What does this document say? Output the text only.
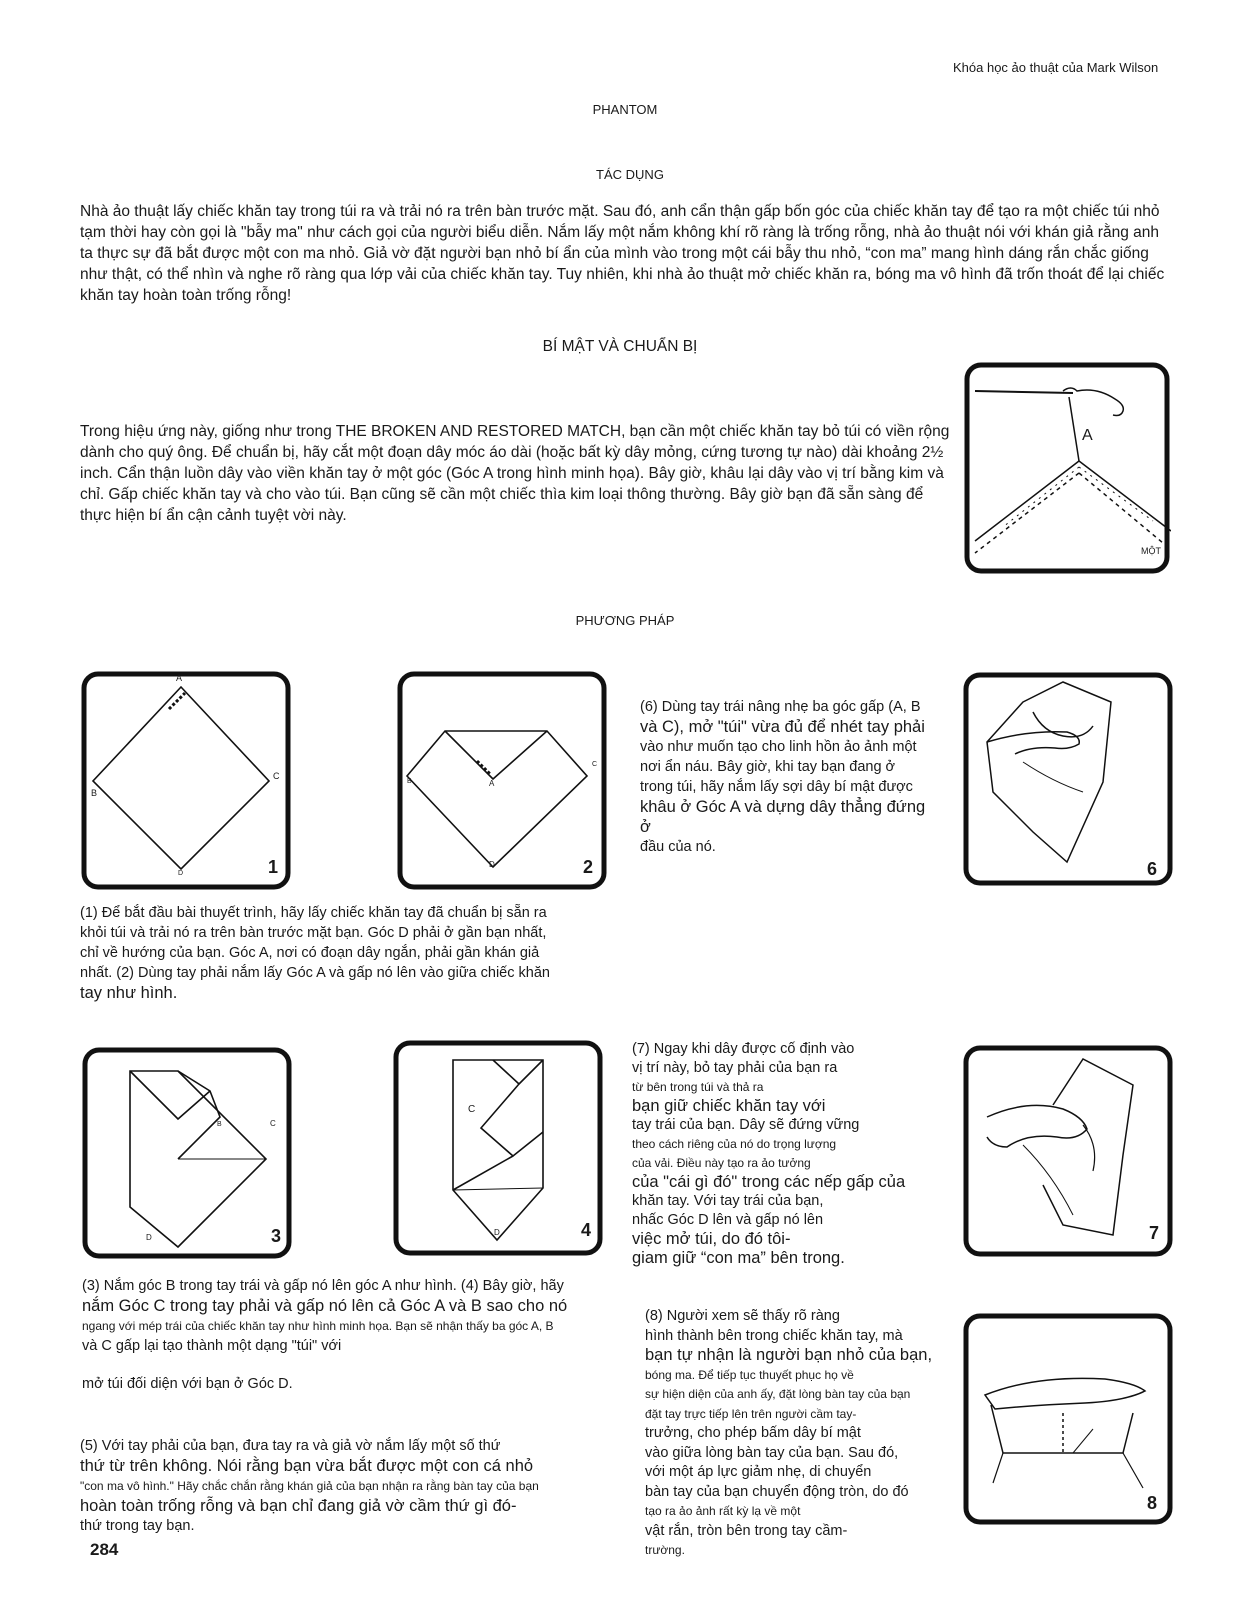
Khóa học ảo thuật của Mark Wilson
PHANTOM
TÁC DỤNG
Nhà ảo thuật lấy chiếc khăn tay trong túi ra và trải nó ra trên bàn trước mặt. Sau đó, anh cẩn thận gấp bốn góc của chiếc khăn tay để tạo ra một chiếc túi nhỏ tạm thời hay còn gọi là "bẫy ma" như cách gọi của người biểu diễn. Nắm lấy một nắm không khí rõ ràng là trống rỗng, nhà ảo thuật nói với khán giả rằng anh ta thực sự đã bắt được một con ma nhỏ. Giả vờ đặt người bạn nhỏ bí ẩn của mình vào trong một cái bẫy thu nhỏ, “con ma” mang hình dáng rắn chắc giống như thật, có thể nhìn và nghe rõ ràng qua lớp vải của chiếc khăn tay. Tuy nhiên, khi nhà ảo thuật mở chiếc khăn ra, bóng ma vô hình đã trốn thoát để lại chiếc khăn tay hoàn toàn trống rỗng!
BÍ MẬT VÀ CHUẨN BỊ
Trong hiệu ứng này, giống như trong THE BROKEN AND RESTORED MATCH, bạn cần một chiếc khăn tay bỏ túi có viền rộng dành cho quý ông. Để chuẩn bị, hãy cắt một đoạn dây móc áo dài (hoặc bất kỳ dây mỏng, cứng tương tự nào) dài khoảng 2½ inch. Cẩn thận luồn dây vào viền khăn tay ở một góc (Góc A trong hình minh họa). Bây giờ, khâu lại dây vào vị trí bằng kim và chỉ. Gấp chiếc khăn tay và cho vào túi. Bạn cũng sẽ cần một chiếc thìa kim loại thông thường. Bây giờ bạn đã sẵn sàng để thực hiện bí ẩn cận cảnh tuyệt vời này.
A
MỘT
PHƯƠNG PHÁP
A
B
C
D	1
A
B
C
D	2
(6) Dùng tay trái nâng nhẹ ba góc gấp (A, B
và C), mở "túi" vừa đủ để nhét tay phải
vào như muốn tạo cho linh hồn ảo ảnh một
nơi ẩn náu. Bây giờ, khi tay bạn đang ở
trong túi, hãy nắm lấy sợi dây bí mật được
khâu ở Góc A và dựng dây thẳng đứng ở
đầu của nó.
6
(1) Để bắt đầu bài thuyết trình, hãy lấy chiếc khăn tay đã chuẩn bị sẵn ra
khỏi túi và trải nó ra trên bàn trước mặt bạn. Góc D phải ở gần bạn nhất,
chỉ về hướng của bạn. Góc A, nơi có đoạn dây ngắn, phải gần khán giả
nhất. (2) Dùng tay phải nắm lấy Góc A và gấp nó lên vào giữa chiếc khăn
tay như hình.
B	C
D	3
C
D	4
(7) Ngay khi dây được cố định vào
vị trí này, bỏ tay phải của bạn ra
từ bên trong túi và thả ra
bạn giữ chiếc khăn tay với
tay trái của bạn. Dây sẽ đứng vững
theo cách riêng của nó do trọng lượng
của vải. Điều này tạo ra ảo tưởng
của "cái gì đó" trong các nếp gấp của
khăn tay. Với tay trái của bạn,
nhấc Góc D lên và gấp nó lên
việc mở túi, do đó tôi-
giam giữ “con ma” bên trong.
7
(3) Nắm góc B trong tay trái và gấp nó lên góc A như hình. (4) Bây giờ, hãy
nắm Góc C trong tay phải và gấp nó lên cả Góc A và B sao cho nó
ngang với mép trái của chiếc khăn tay như hình minh họa. Bạn sẽ nhận thấy ba góc A, B
và C gấp lại tạo thành một dạng "túi" với
mở túi đối diện với bạn ở Góc D.
(5) Với tay phải của bạn, đưa tay ra và giả vờ nắm lấy một số thứ
thứ từ trên không. Nói rằng bạn vừa bắt được một con cá nhỏ
"con ma vô hình." Hãy chắc chắn rằng khán giả của bạn nhận ra rằng bàn tay của bạn
hoàn toàn trống rỗng và bạn chỉ đang giả vờ cầm thứ gì đó-
thứ trong tay bạn.
(8) Người xem sẽ thấy rõ ràng
hình thành bên trong chiếc khăn tay, mà
bạn tự nhận là người bạn nhỏ của bạn,
bóng ma. Để tiếp tục thuyết phục họ về
sự hiện diện của anh ấy, đặt lòng bàn tay của bạn
đặt tay trực tiếp lên trên người cầm tay-
trưởng, cho phép bấm dây bí mật
vào giữa lòng bàn tay của bạn. Sau đó,
với một áp lực giảm nhẹ, di chuyển
bàn tay của bạn chuyển động tròn, do đó
tạo ra ảo ảnh rất kỳ lạ về một
vật rắn, tròn bên trong tay cầm-
trường.
8
284
